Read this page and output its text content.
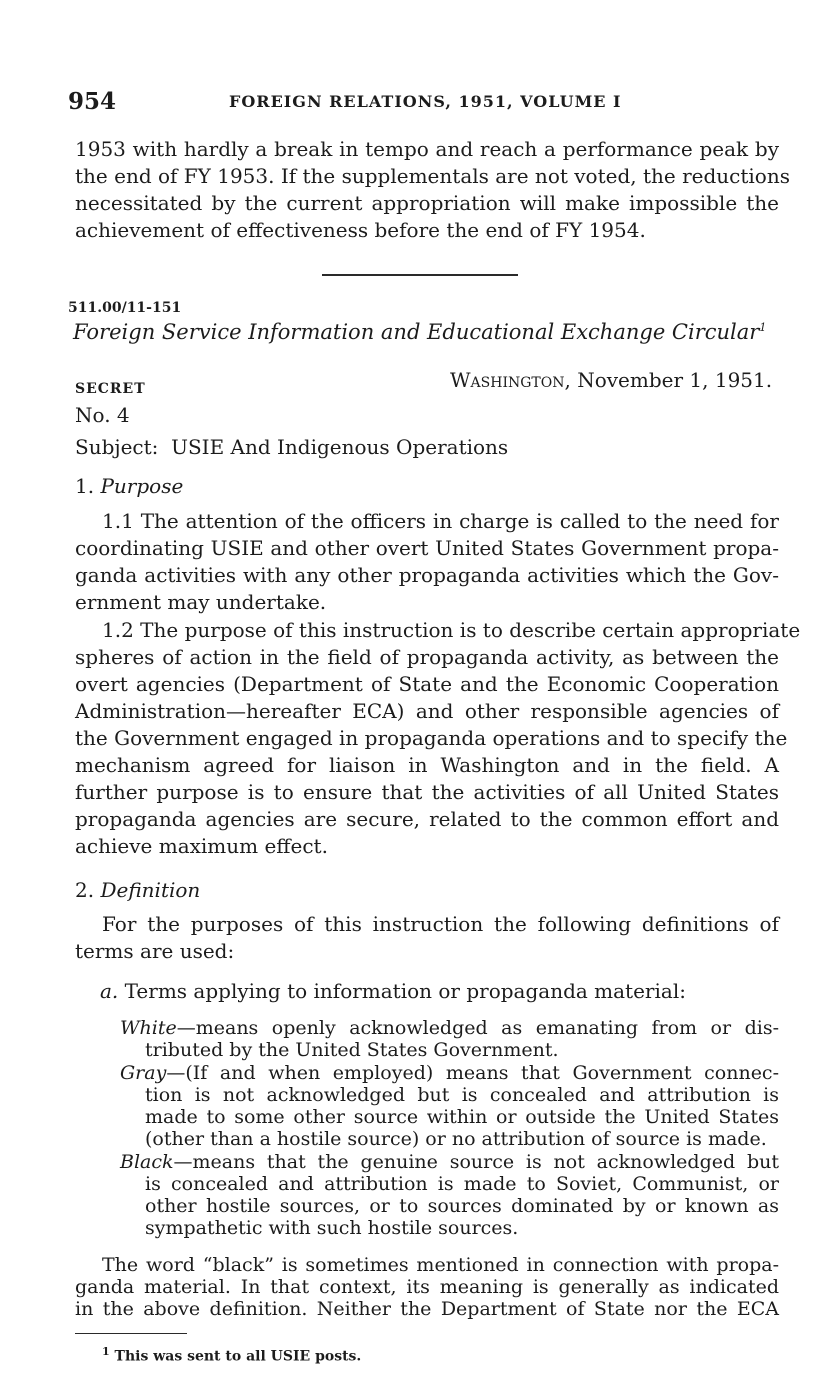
954	FOREIGN RELATIONS, 1951, VOLUME I
1953 with hardly a break in tempo and reach a performance peak by
the end of FY 1953. If the supplementals are not voted, the reductions
necessitated by the current appropriation will make impossible the
achievement of effectiveness before the end of FY 1954.
511.00/11-151
Foreign Service Information and Educational Exchange Circular$^1$
SECRET	Washington, November 1, 1951.
No. 4
Subject:  USIE And Indigenous Operations
1. Purpose
1.1 The attention of the officers in charge is called to the need for
coordinating USIE and other overt United States Government propa-
ganda activities with any other propaganda activities which the Gov-
ernment may undertake.
1.2 The purpose of this instruction is to describe certain appropriate
spheres of action in the field of propaganda activity, as between the
overt agencies (Department of State and the Economic Cooperation
Administration—hereafter ECA) and other responsible agencies of
the Government engaged in propaganda operations and to specify the
mechanism agreed for liaison in Washington and in the field. A
further purpose is to ensure that the activities of all United States
propaganda agencies are secure, related to the common effort and
achieve maximum effect.
2. Definition
For the purposes of this instruction the following definitions of
terms are used:
a. Terms applying to information or propaganda material:
White—means openly acknowledged as emanating from or dis-
tributed by the United States Government.
Gray—(If and when employed) means that Government connec-
tion is not acknowledged but is concealed and attribution is
made to some other source within or outside the United States
(other than a hostile source) or no attribution of source is made.
Black—means that the genuine source is not acknowledged but
is concealed and attribution is made to Soviet, Communist, or
other hostile sources, or to sources dominated by or known as
sympathetic with such hostile sources.
The word “black” is sometimes mentioned in connection with propa-
ganda material. In that context, its meaning is generally as indicated
in the above definition. Neither the Department of State nor the ECA
$^1$ This was sent to all USIE posts.
